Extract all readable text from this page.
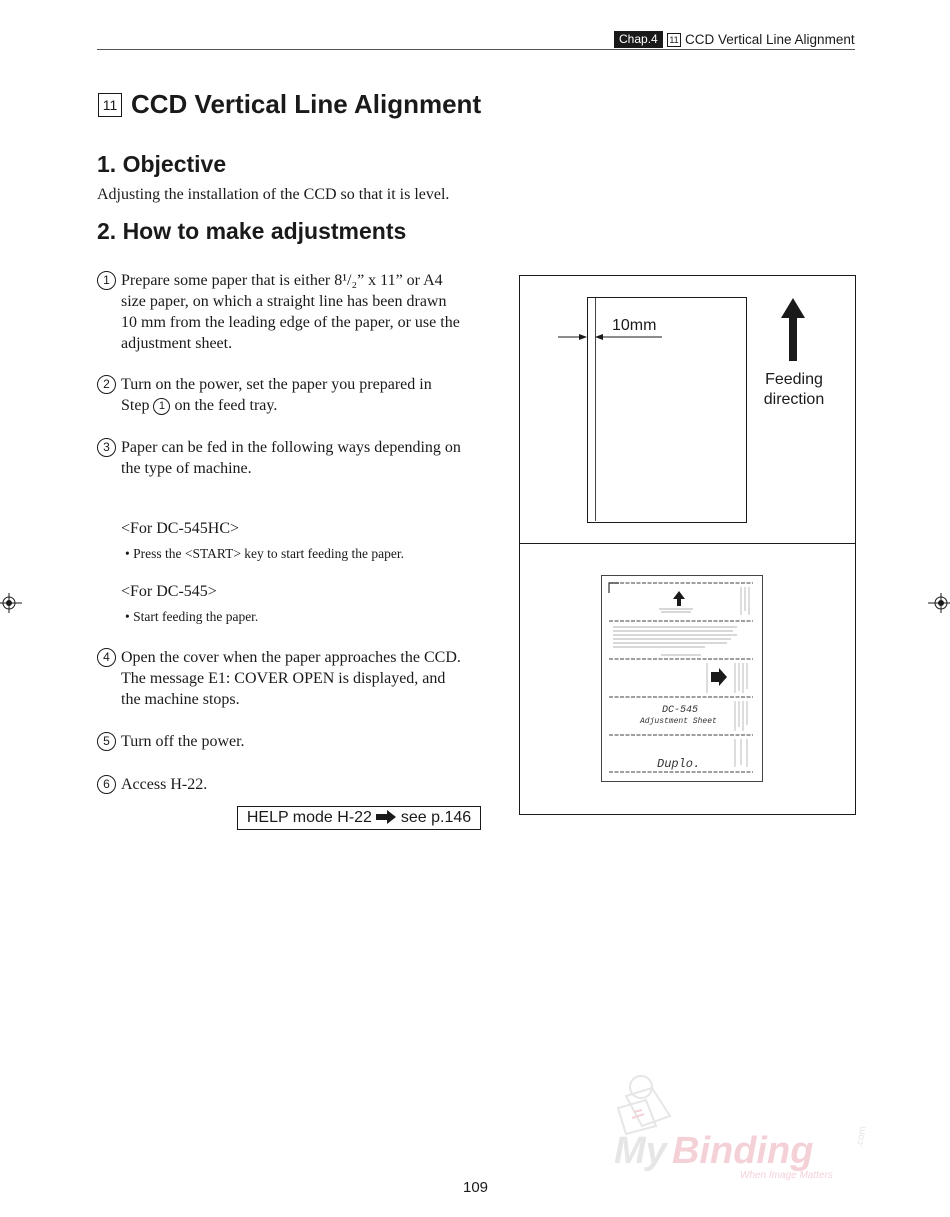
Chap.4	11 CCD Vertical Line Alignment
11 CCD Vertical Line Alignment
1. Objective
Adjusting the installation of the CCD so that it is level.
2. How to make adjustments
1 Prepare some paper that is either 8¹/₂” x 11” or A4
size paper, on which a straight line has been drawn
10 mm from the leading edge of the paper, or use the
adjustment sheet.
2 Turn on the power, set the paper you prepared in
Step 1 on the feed tray.
3 Paper can be fed in the following ways depending on
the type of machine.
<For DC-545HC>
• Press the <START> key to start feeding the paper.
<For DC-545>
• Start feeding the paper.
4 Open the cover when the paper approaches the CCD.
The message E1: COVER OPEN is displayed, and
the machine stops.
5 Turn off the power.
6 Access H-22.
HELP mode H-22 see p.146
10mm
Feeding
direction
DC-545
Adjustment Sheet
Duplo.
My Binding	.com
When Image Matters
109
